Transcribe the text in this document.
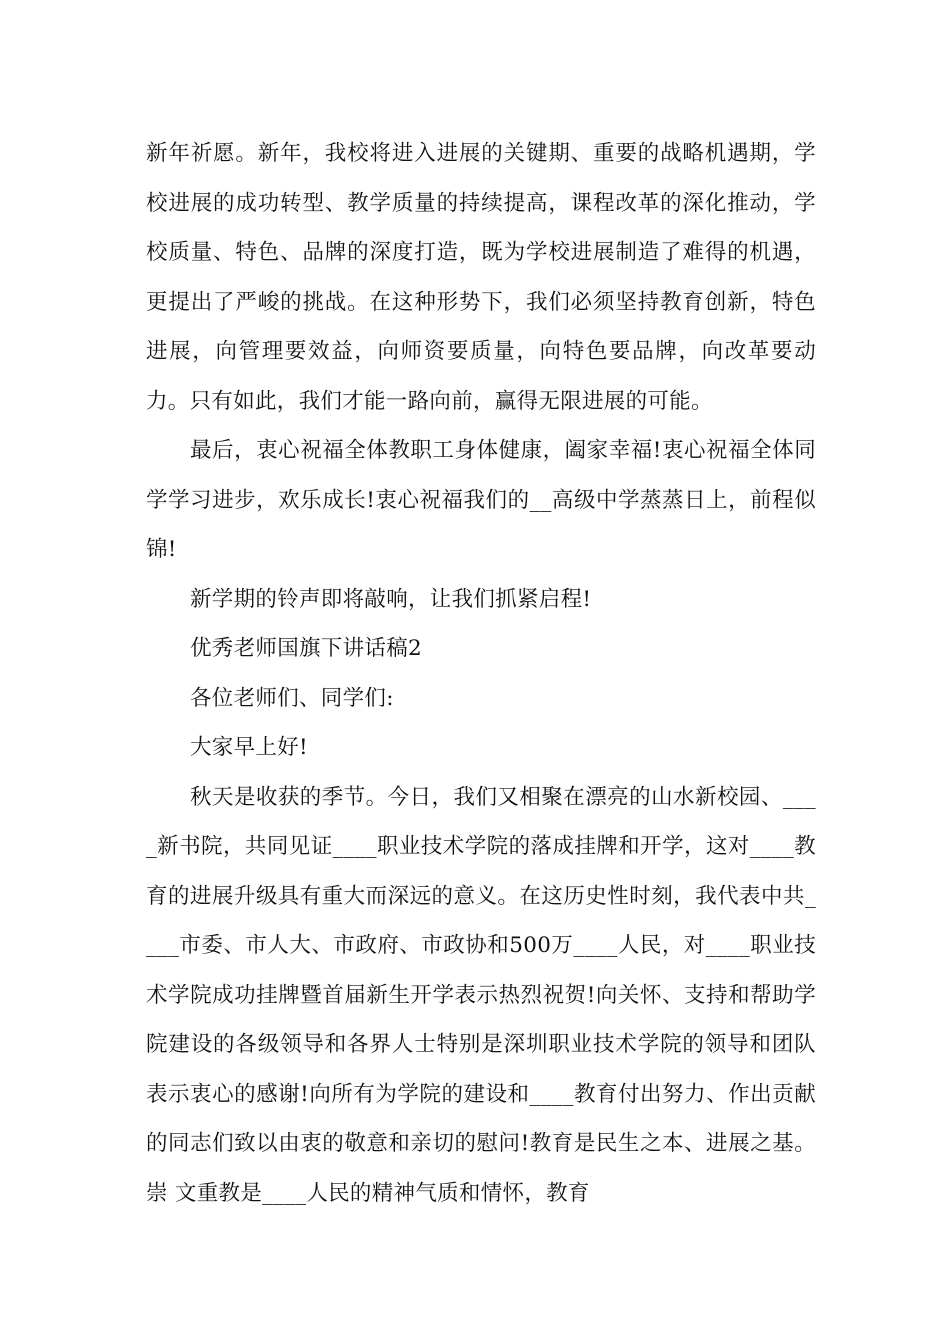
新年祈愿。新年，我校将进入进展的关键期、重要的战略机遇期，学校进展的成功转型、教学质量的持续提高，课程改革的深化推动，学校质量、特色、品牌的深度打造，既为学校进展制造了难得的机遇，更提出了严峻的挑战。在这种形势下，我们必须坚持教育创新，特色进展，向管理要效益，向师资要质量，向特色要品牌，向改革要动力。只有如此，我们才能一路向前，赢得无限进展的可能。

最后，衷心祝福全体教职工身体健康，阖家幸福!衷心祝福全体同学学习进步，欢乐成长!衷心祝福我们的__高级中学蒸蒸日上，前程似锦!

新学期的铃声即将敲响，让我们抓紧启程!

优秀老师国旗下讲话稿2

各位老师们、同学们:

大家早上好!

秋天是收获的季节。今日，我们又相聚在漂亮的山水新校园、____新书院，共同见证____职业技术学院的落成挂牌和开学，这对____教育的进展升级具有重大而深远的意义。在这历史性时刻，我代表中共____市委、市人大、市政府、市政协和500万____人民，对____职业技术学院成功挂牌暨首届新生开学表示热烈祝贺!向关怀、支持和帮助学院建设的各级领导和各界人士特别是深圳职业技术学院的领导和团队表示衷心的感谢!向所有为学院的建设和____教育付出努力、作出贡献的同志们致以由衷的敬意和亲切的慰问!教育是民生之本、进展之基。崇 文重教是____人民的精神气质和情怀，教育
